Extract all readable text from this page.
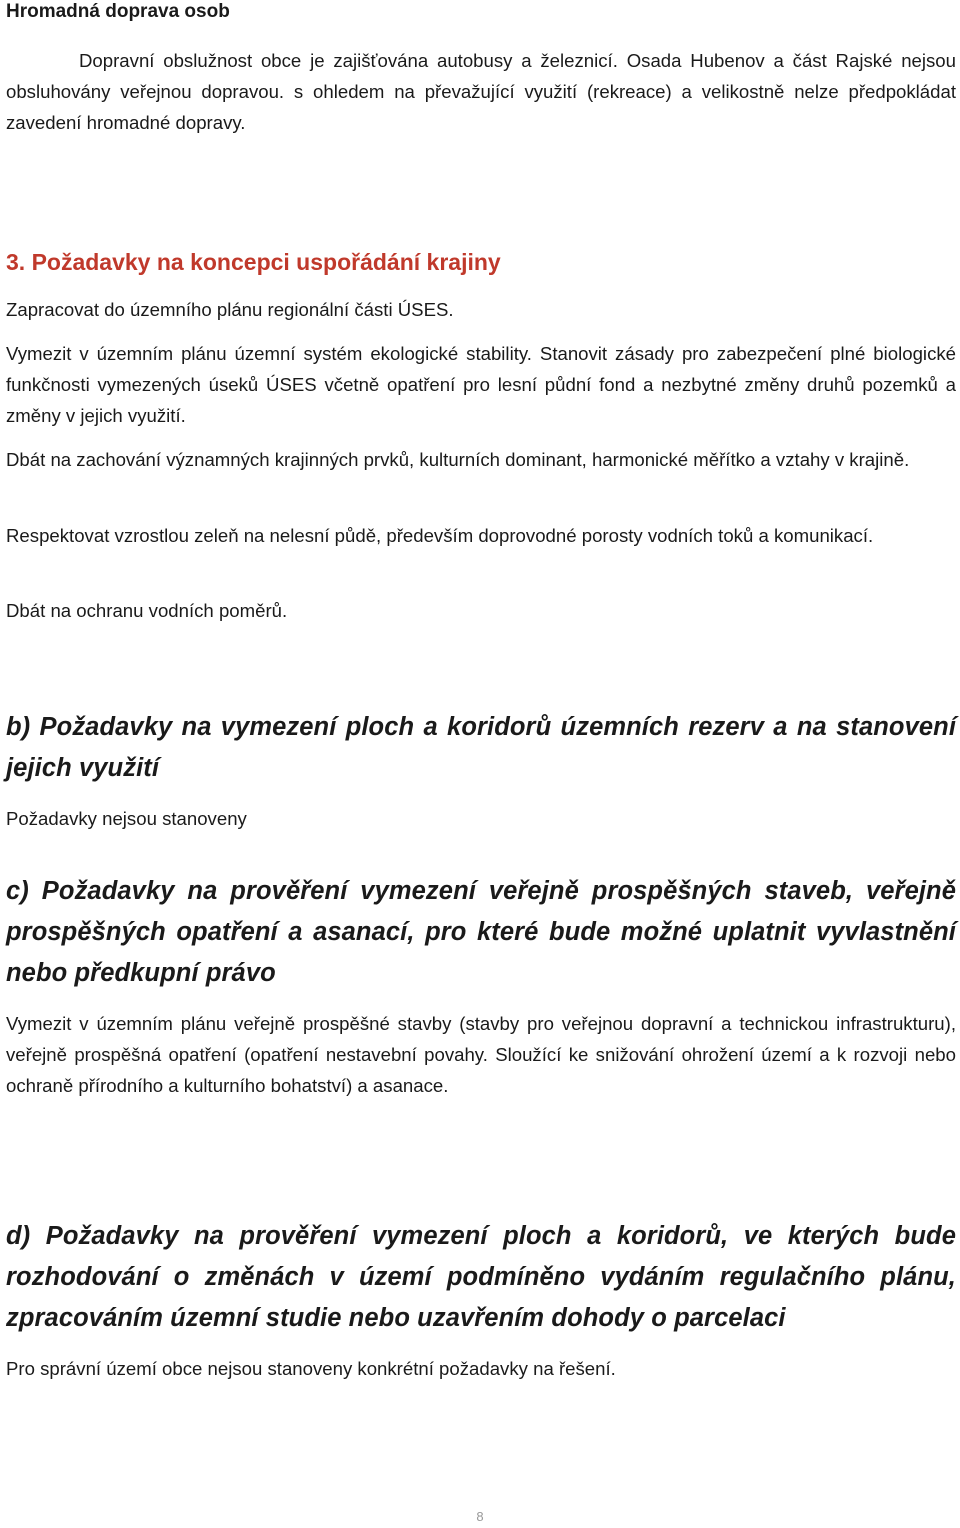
Hromadná doprava osob

Dopravní obslužnost obce je zajišťována autobusy a železnicí. Osada Hubenov a část Rajské nejsou obsluhovány veřejnou dopravou. s ohledem na převažující využití (rekreace) a velikostně nelze předpokládat zavedení hromadné dopravy.

3. Požadavky na koncepci uspořádání krajiny

Zapracovat do územního plánu regionální části ÚSES.

Vymezit v územním plánu územní systém ekologické stability. Stanovit zásady pro zabezpečení plné biologické funkčnosti vymezených úseků ÚSES včetně opatření pro lesní půdní fond a nezbytné změny druhů pozemků a změny v jejich využití.

Dbát na zachování významných krajinných prvků, kulturních dominant, harmonické měřítko a vztahy v krajině.

Respektovat vzrostlou zeleň na nelesní půdě, především doprovodné porosty vodních toků a komunikací.

Dbát na ochranu vodních poměrů.

b) Požadavky na vymezení ploch a koridorů územních rezerv a na stanovení jejich využití

Požadavky nejsou stanoveny

c) Požadavky na prověření vymezení veřejně prospěšných staveb, veřejně prospěšných opatření a asanací, pro které bude možné uplatnit vyvlastnění nebo předkupní právo

Vymezit v územním plánu veřejně prospěšné stavby (stavby pro veřejnou dopravní a technickou infrastrukturu), veřejně prospěšná opatření (opatření nestavební povahy. Sloužící ke snižování ohrožení území a k rozvoji nebo ochraně přírodního a kulturního bohatství) a asanace.

d) Požadavky na prověření vymezení ploch a koridorů, ve kterých bude rozhodování o změnách v území podmíněno vydáním regulačního plánu, zpracováním územní studie nebo uzavřením dohody o parcelaci

Pro správní území obce nejsou stanoveny konkrétní požadavky na řešení.

8
